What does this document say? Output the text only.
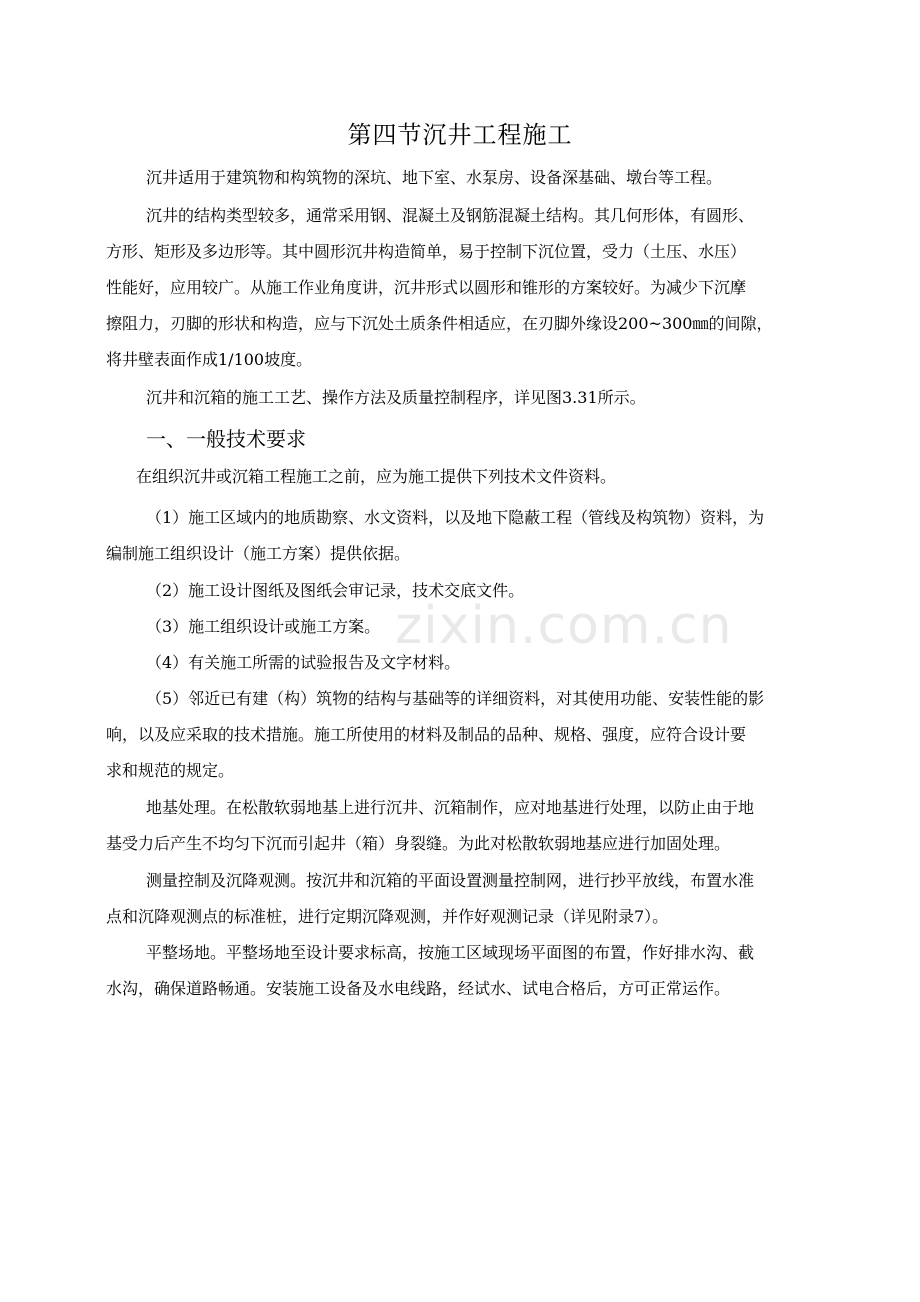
第四节沉井工程施工
沉井适用于建筑物和构筑物的深坑、地下室、水泵房、设备深基础、墩台等工程。
沉井的结构类型较多，通常采用钢、混凝土及钢筋混凝土结构。其几何形体，有圆形、
方形、矩形及多边形等。其中圆形沉井构造简单，易于控制下沉位置，受力（土压、水压）
性能好，应用较广。从施工作业角度讲，沉井形式以圆形和锥形的方案较好。为减少下沉摩
擦阻力，刃脚的形状和构造，应与下沉处土质条件相适应，在刃脚外缘设200~300㎜的间隙，
将井壁表面作成1/100坡度。
沉井和沉箱的施工工艺、操作方法及质量控制程序，详见图3.31所示。
一、一般技术要求
在组织沉井或沉箱工程施工之前，应为施工提供下列技术文件资料。
（1）施工区域内的地质勘察、水文资料，以及地下隐蔽工程（管线及构筑物）资料，为
编制施工组织设计（施工方案）提供依据。
（2）施工设计图纸及图纸会审记录，技术交底文件。
（3）施工组织设计或施工方案。
（4）有关施工所需的试验报告及文字材料。
（5）邻近已有建（构）筑物的结构与基础等的详细资料，对其使用功能、安装性能的影
响，以及应采取的技术措施。施工所使用的材料及制品的品种、规格、强度，应符合设计要
求和规范的规定。
地基处理。在松散软弱地基上进行沉井、沉箱制作，应对地基进行处理，以防止由于地
基受力后产生不均匀下沉而引起井（箱）身裂缝。为此对松散软弱地基应进行加固处理。
测量控制及沉降观测。按沉井和沉箱的平面设置测量控制网，进行抄平放线，布置水准
点和沉降观测点的标准桩，进行定期沉降观测，并作好观测记录（详见附录7）。
平整场地。平整场地至设计要求标高，按施工区域现场平面图的布置，作好排水沟、截
水沟，确保道路畅通。安装施工设备及水电线路，经试水、试电合格后，方可正常运作。
zixin.com.cn
